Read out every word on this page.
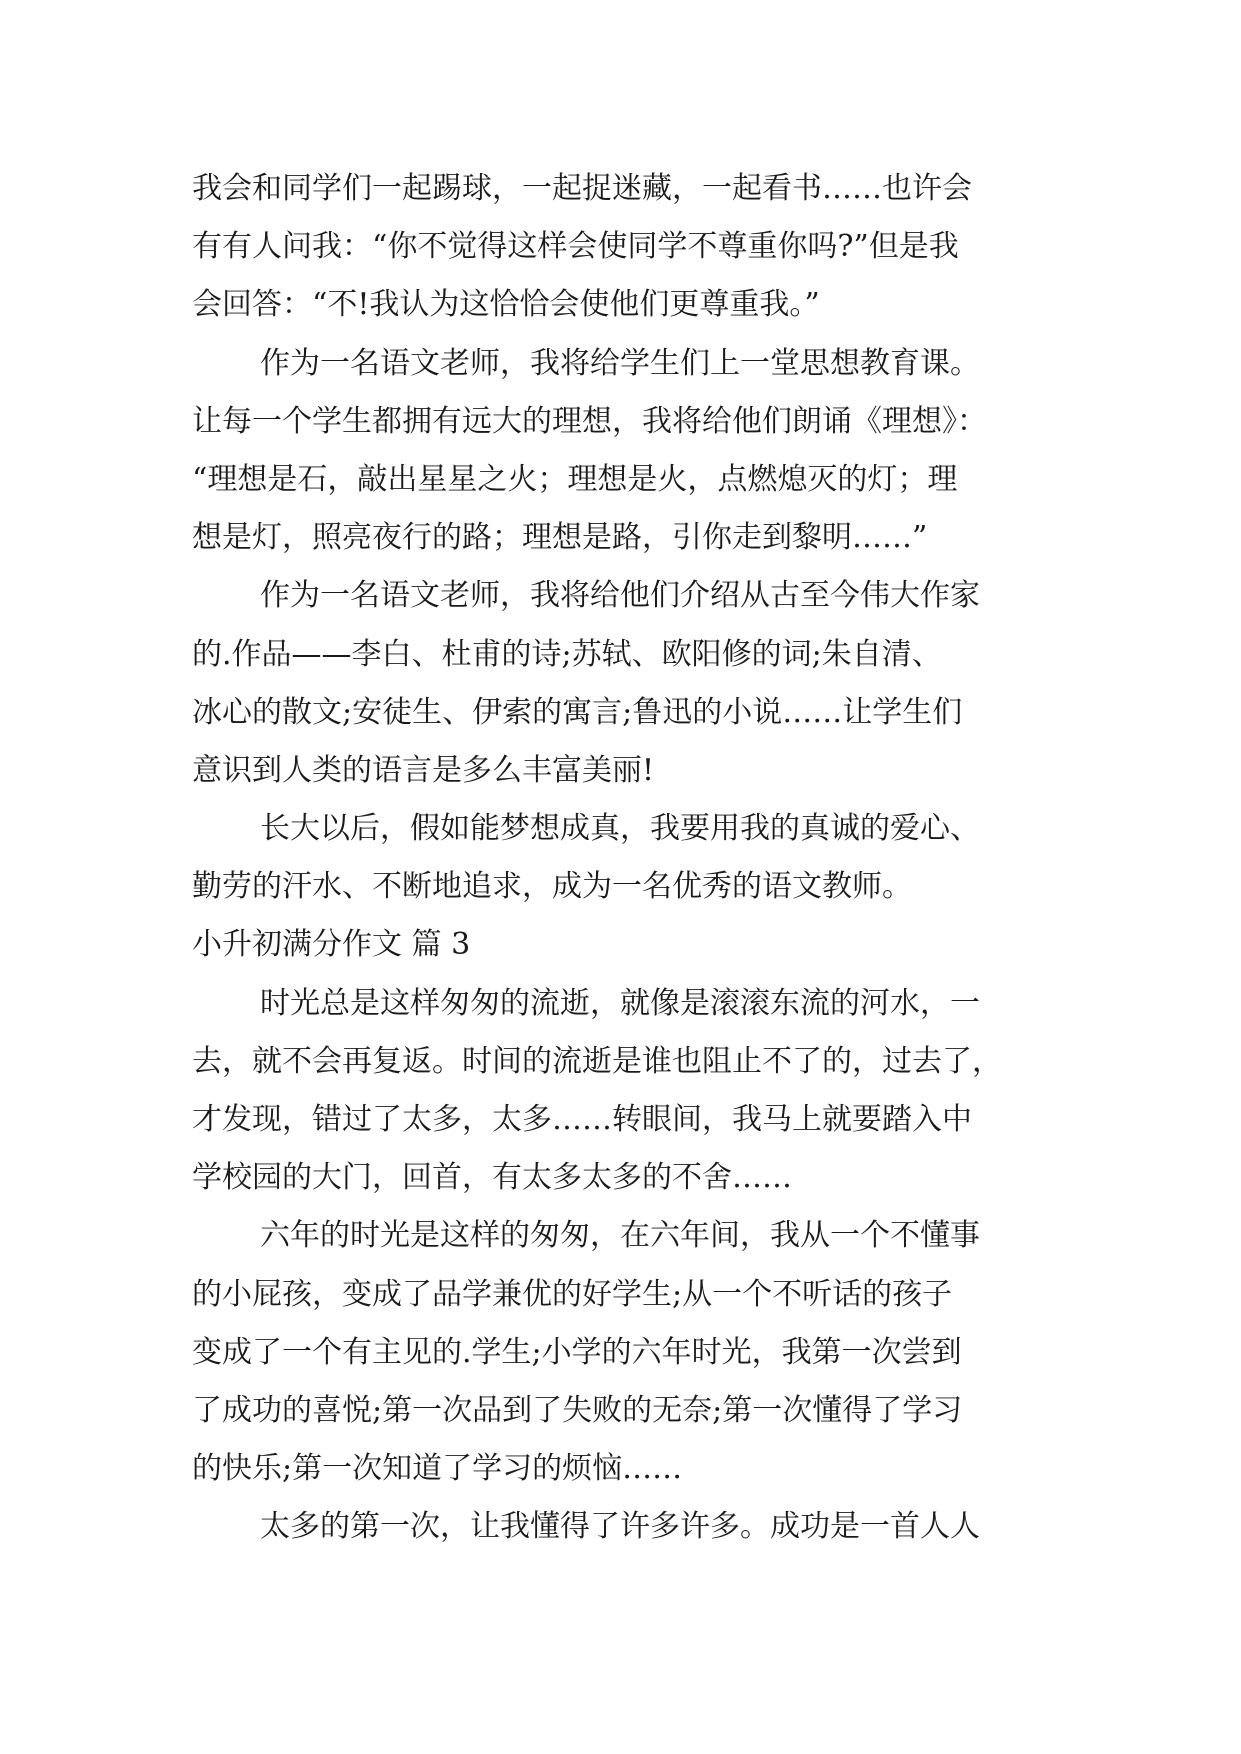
我会和同学们一起踢球，一起捉迷藏，一起看书……也许会
有有人问我：“你不觉得这样会使同学不尊重你吗?”但是我
会回答：“不!我认为这恰恰会使他们更尊重我。”
作为一名语文老师，我将给学生们上一堂思想教育课。
让每一个学生都拥有远大的理想，我将给他们朗诵《理想》：
“理想是石，敲出星星之火；理想是火，点燃熄灭的灯；理
想是灯，照亮夜行的路；理想是路，引你走到黎明……”
作为一名语文老师，我将给他们介绍从古至今伟大作家
的.作品——李白、杜甫的诗;苏轼、欧阳修的词;朱自清、
冰心的散文;安徒生、伊索的寓言;鲁迅的小说……让学生们
意识到人类的语言是多么丰富美丽!
长大以后，假如能梦想成真，我要用我的真诚的爱心、
勤劳的汗水、不断地追求，成为一名优秀的语文教师。
小升初满分作文 篇 3
时光总是这样匆匆的流逝，就像是滚滚东流的河水，一
去，就不会再复返。时间的流逝是谁也阻止不了的，过去了，
才发现，错过了太多，太多……转眼间，我马上就要踏入中
学校园的大门，回首，有太多太多的不舍……
六年的时光是这样的匆匆，在六年间，我从一个不懂事
的小屁孩，变成了品学兼优的好学生;从一个不听话的孩子
变成了一个有主见的.学生;小学的六年时光，我第一次尝到
了成功的喜悦;第一次品到了失败的无奈;第一次懂得了学习
的快乐;第一次知道了学习的烦恼……
太多的第一次，让我懂得了许多许多。成功是一首人人
